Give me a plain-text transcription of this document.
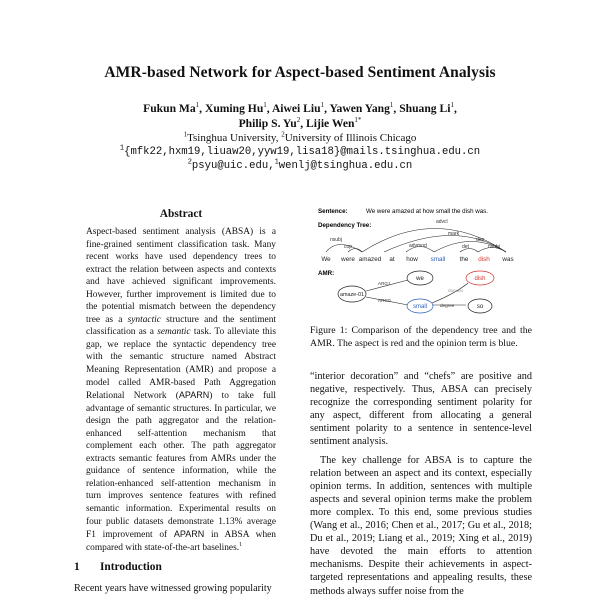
AMR-based Network for Aspect-based Sentiment Analysis
Fukun Ma$^1$, Xuming Hu$^1$, Aiwei Liu$^1$, Yawen Yang$^1$, Shuang Li$^1$,
Philip S. Yu$^2$, Lijie Wen$^{1*}$
$^1$Tsinghua University, $^2$University of Illinois Chicago
$^1${mfk22,hxm19,liuaw20,yyw19,lisa18}@mails.tsinghua.edu.cn
$^2$psyu@uic.edu,$^1$wenlj@tsinghua.edu.cn
Abstract
Aspect-based sentiment analysis (ABSA) is a fine-grained sentiment classification task. Many recent works have used dependency trees to extract the relation between aspects and contexts and have achieved significant improvements. However, further improvement is limited due to the potential mismatch between the dependency tree as a syntactic structure and the sentiment classification as a semantic task. To alleviate this gap, we replace the syntactic dependency tree with the semantic structure named Abstract Meaning Representation (AMR) and propose a model called AMR-based Path Aggregation Relational Network (APARN) to take full advantage of semantic structures. In particular, we design the path aggregator and the relation-enhanced self-attention mechanism that complement each other. The path aggregator extracts semantic features from AMRs under the guidance of sentence information, while the relation-enhanced self-attention mechanism in turn improves sentence features with refined semantic information. Experimental results on four public datasets demonstrate 1.13% average F1 improvement of APARN in ABSA when compared with state-of-the-art baselines.$^1$
1 Introduction
Recent years have witnessed growing popularity
Sentence:	We were amazed at how small the dish was.
Dependency Tree:
nsubj
cop
advcl
mark
advmod	det	nsubj
dep
We were amazed at how small the dish was
AMR:
ARG1
ARG0
domain
degree
amaze-01
we	dish
small	so
Figure 1: Comparison of the dependency tree and the AMR. The aspect is red and the opinion term is blue.

“interior decoration” and “chefs” are positive and negative, respectively. Thus, ABSA can precisely recognize the corresponding sentiment polarity for any aspect, different from allocating a general sentiment polarity to a sentence in sentence-level sentiment analysis.

The key challenge for ABSA is to capture the relation between an aspect and its context, especially opinion terms. In addition, sentences with multiple aspects and several opinion terms make the problem more complex. To this end, some previous studies (Wang et al., 2016; Chen et al., 2017; Gu et al., 2018; Du et al., 2019; Liang et al., 2019; Xing et al., 2019) have devoted the main efforts to attention mechanisms. Despite their achievements in aspect-targeted representations and appealing results, these methods always suffer noise from the
